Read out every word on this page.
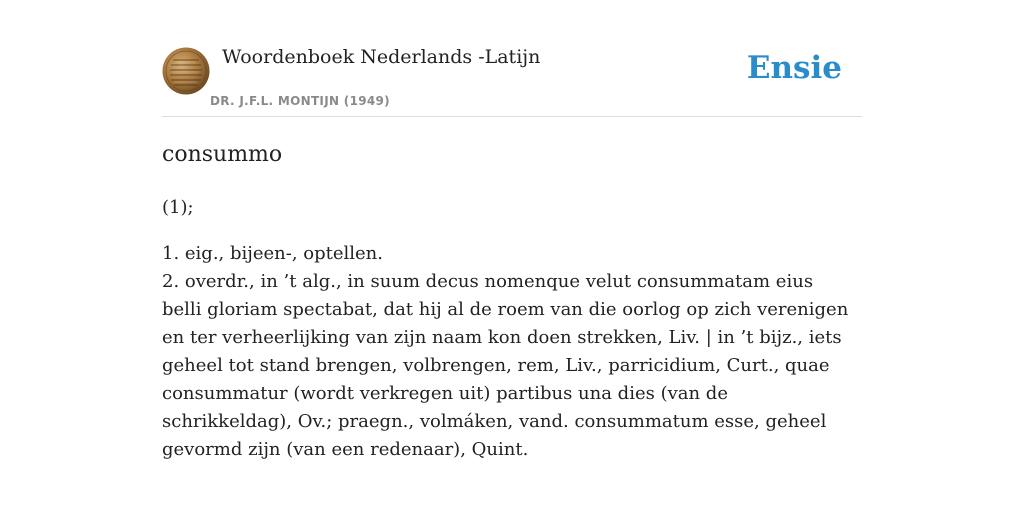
Woordenboek Nederlands -Latijn
DR. J.F.L. MONTIJN (1949)
Ensie
consummo

(1);

1. eig., bijeen-, optellen.
2. overdr., in ’t alg., in suum decus nomenque velut consummatam eius belli gloriam spectabat, dat hij al de roem van die oorlog op zich verenigen en ter verheerlijking van zijn naam kon doen strekken, Liv. | in ’t bijz., iets geheel tot stand brengen, volbrengen, rem, Liv., parricidium, Curt., quae consummatur (wordt verkregen uit) partibus una dies (van de schrikkeldag), Ov.; praegn., volmáken, vand. consummatum esse, geheel gevormd zijn (van een redenaar), Quint.
